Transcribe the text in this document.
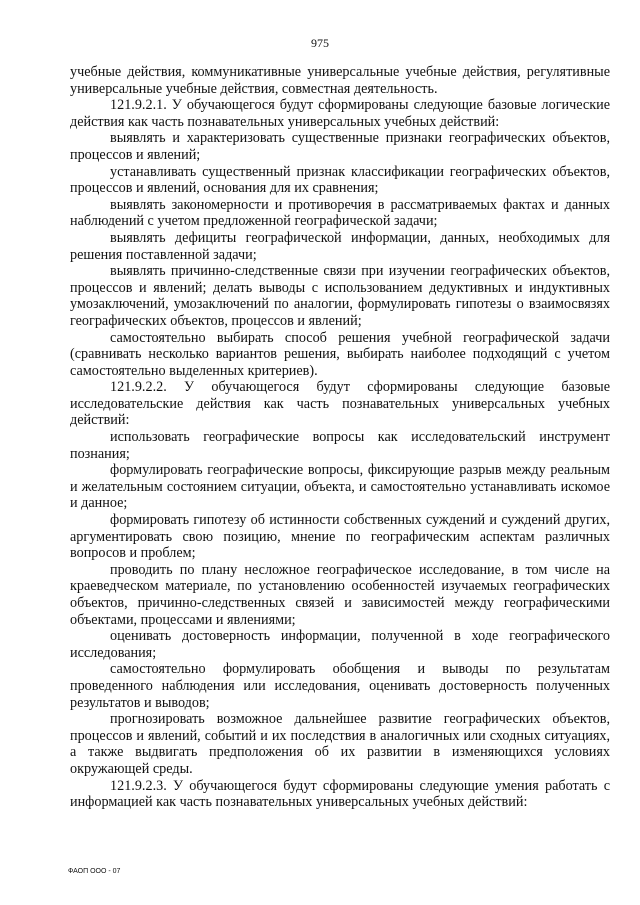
975

учебные действия, коммуникативные универсальные учебные действия, регулятивные универсальные учебные действия, совместная деятельность.

121.9.2.1. У обучающегося будут сформированы следующие базовые логические действия как часть познавательных универсальных учебных действий:

выявлять и характеризовать существенные признаки географических объектов, процессов и явлений;

устанавливать существенный признак классификации географических объектов, процессов и явлений, основания для их сравнения;

выявлять закономерности и противоречия в рассматриваемых фактах и данных наблюдений с учетом предложенной географической задачи;

выявлять дефициты географической информации, данных, необходимых для решения поставленной задачи;

выявлять причинно-следственные связи при изучении географических объектов, процессов и явлений; делать выводы с использованием дедуктивных и индуктивных умозаключений, умозаключений по аналогии, формулировать гипотезы о взаимосвязях географических объектов, процессов и явлений;

самостоятельно выбирать способ решения учебной географической задачи (сравнивать несколько вариантов решения, выбирать наиболее подходящий с учетом самостоятельно выделенных критериев).

121.9.2.2. У обучающегося будут сформированы следующие базовые исследовательские действия как часть познавательных универсальных учебных действий:

использовать географические вопросы как исследовательский инструмент познания;

формулировать географические вопросы, фиксирующие разрыв между реальным и желательным состоянием ситуации, объекта, и самостоятельно устанавливать искомое и данное;

формировать гипотезу об истинности собственных суждений и суждений других, аргументировать свою позицию, мнение по географическим аспектам различных вопросов и проблем;

проводить по плану несложное географическое исследование, в том числе на краеведческом материале, по установлению особенностей изучаемых географических объектов, причинно-следственных связей и зависимостей между географическими объектами, процессами и явлениями;

оценивать достоверность информации, полученной в ходе географического исследования;

самостоятельно формулировать обобщения и выводы по результатам проведенного наблюдения или исследования, оценивать достоверность полученных результатов и выводов;

прогнозировать возможное дальнейшее развитие географических объектов, процессов и явлений, событий и их последствия в аналогичных или сходных ситуациях, а также выдвигать предположения об их развитии в изменяющихся условиях окружающей среды.

121.9.2.3. У обучающегося будут сформированы следующие умения работать с информацией как часть познавательных универсальных учебных действий:

ФАОП ООО - 07
